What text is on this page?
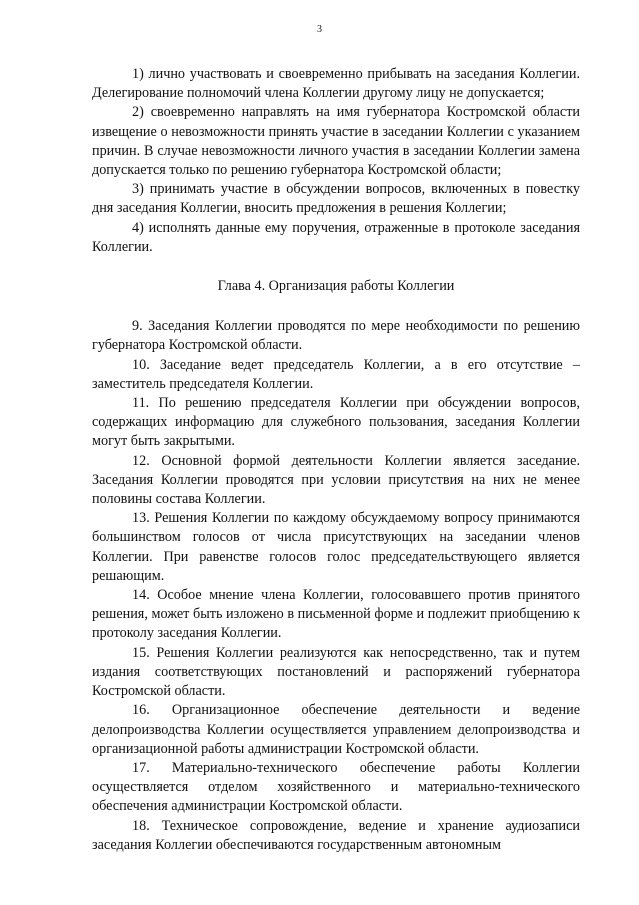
3

1) лично участвовать и своевременно прибывать на заседания Коллегии. Делегирование полномочий члена Коллегии другому лицу не допускается;

2) своевременно направлять на имя губернатора Костромской области извещение о невозможности принять участие в заседании Коллегии с указанием причин. В случае невозможности личного участия в заседании Коллегии замена допускается только по решению губернатора Костромской области;

3) принимать участие в обсуждении вопросов, включенных в повестку дня заседания Коллегии, вносить предложения в решения Коллегии;

4) исполнять данные ему поручения, отраженные в протоколе заседания Коллегии.

Глава 4. Организация работы Коллегии

9. Заседания Коллегии проводятся по мере необходимости по решению губернатора Костромской области.

10. Заседание ведет председатель Коллегии, а в его отсутствие – заместитель председателя Коллегии.

11. По решению председателя Коллегии при обсуждении вопросов, содержащих информацию для служебного пользования, заседания Коллегии могут быть закрытыми.

12. Основной формой деятельности Коллегии является заседание. Заседания Коллегии проводятся при условии присутствия на них не менее половины состава Коллегии.

13. Решения Коллегии по каждому обсуждаемому вопросу принимаются большинством голосов от числа присутствующих на заседании членов Коллегии. При равенстве голосов голос председательствующего является решающим.

14. Особое мнение члена Коллегии, голосовавшего против принятого решения, может быть изложено в письменной форме и подлежит приобщению к протоколу заседания Коллегии.

15. Решения Коллегии реализуются как непосредственно, так и путем издания соответствующих постановлений и распоряжений губернатора Костромской области.

16. Организационное обеспечение деятельности и ведение делопроизводства Коллегии осуществляется управлением делопроизводства и организационной работы администрации Костромской области.

17. Материально-технического обеспечение работы Коллегии осуществляется отделом хозяйственного и материально-технического обеспечения администрации Костромской области.

18. Техническое сопровождение, ведение и хранение аудиозаписи заседания Коллегии обеспечиваются государственным автономным
